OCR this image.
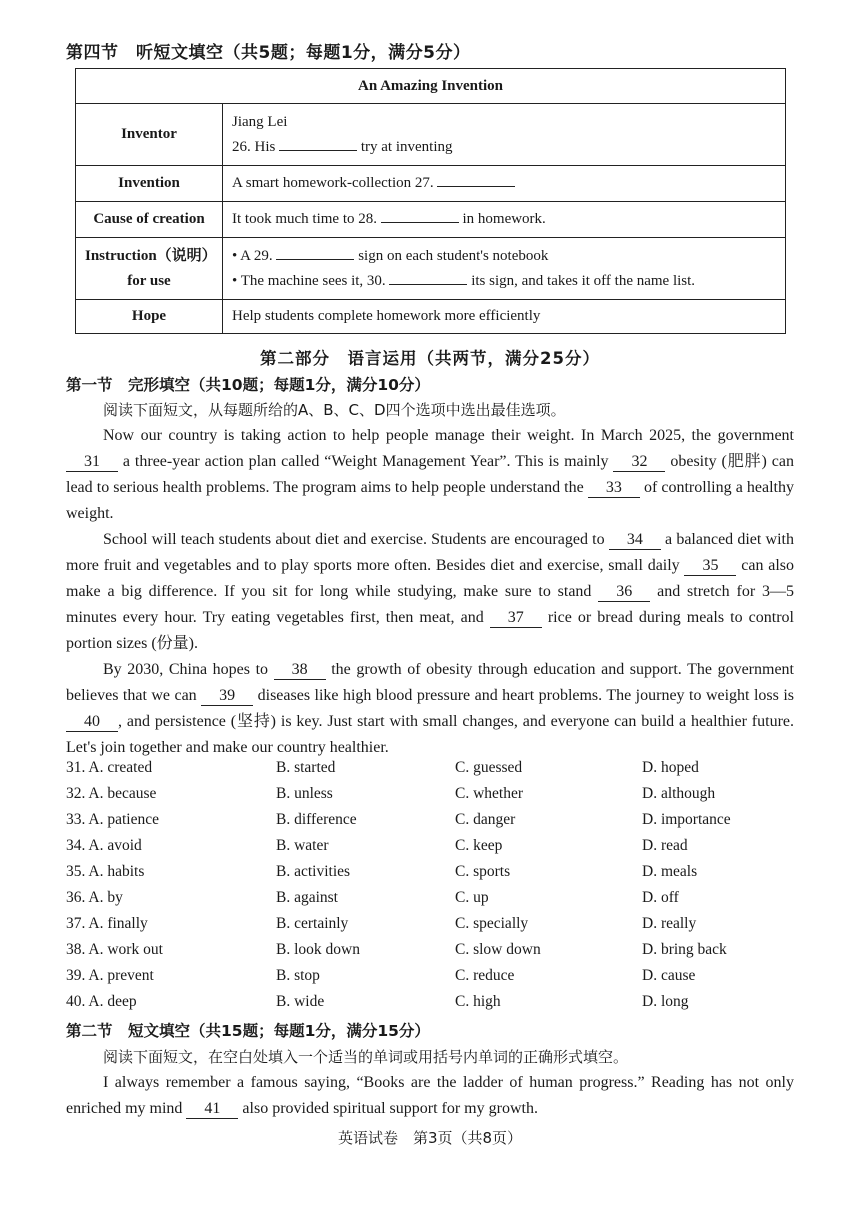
第四节　听短文填空（共5题；每题1分，满分5分）
An Amazing Invention	
Inventor	Jiang Lei
26. His try at inventing

Invention	A smart homework-collection 27.

Cause of creation	It took much time to 28. in homework.

Instruction（说明）
for use	• A 29. sign on each student's notebook
• The machine sees it, 30. its sign, and takes it off the name list.

Hope	Help students complete homework more efficiently
第二部分　语言运用（共两节，满分25分）
第一节　完形填空（共10题；每题1分，满分10分）
阅读下面短文，从每题所给的A、B、C、D四个选项中选出最佳选项。

Now our country is taking action to help people manage their weight. In March 2025, the government 31 a three-year action plan called “Weight Management Year”. This is mainly 32 obesity (肥胖) can lead to serious health problems. The program aims to help people understand the 33 of controlling a healthy weight.

School will teach students about diet and exercise. Students are encouraged to 34 a balanced diet with more fruit and vegetables and to play sports more often. Besides diet and exercise, small daily 35 can also make a big difference. If you sit for long while studying, make sure to stand 36 and stretch for 3—5 minutes every hour. Try eating vegetables first, then meat, and 37 rice or bread during meals to control portion sizes (份量).

By 2030, China hopes to 38 the growth of obesity through education and support. The government believes that we can 39 diseases like high blood pressure and heart problems. The journey to weight loss is 40 , and persistence (坚持) is key. Just start with small changes, and everyone can build a healthier future. Let's join together and make our country healthier.

31. A. created	B. started	C. guessed	D. hoped
32. A. because	B. unless	C. whether	D. although
33. A. patience	B. difference	C. danger	D. importance
34. A. avoid	B. water	C. keep	D. read
35. A. habits	B. activities	C. sports	D. meals
36. A. by	B. against	C. up	D. off
37. A. finally	B. certainly	C. specially	D. really
38. A. work out	B. look down	C. slow down	D. bring back
39. A. prevent	B. stop	C. reduce	D. cause
40. A. deep	B. wide	C. high	D. long
第二节　短文填空（共15题；每题1分，满分15分）
阅读下面短文，在空白处填入一个适当的单词或用括号内单词的正确形式填空。

I always remember a famous saying, “Books are the ladder of human progress.” Reading has not only enriched my mind 41 also provided spiritual support for my growth.

英语试卷　第3页（共8页）
